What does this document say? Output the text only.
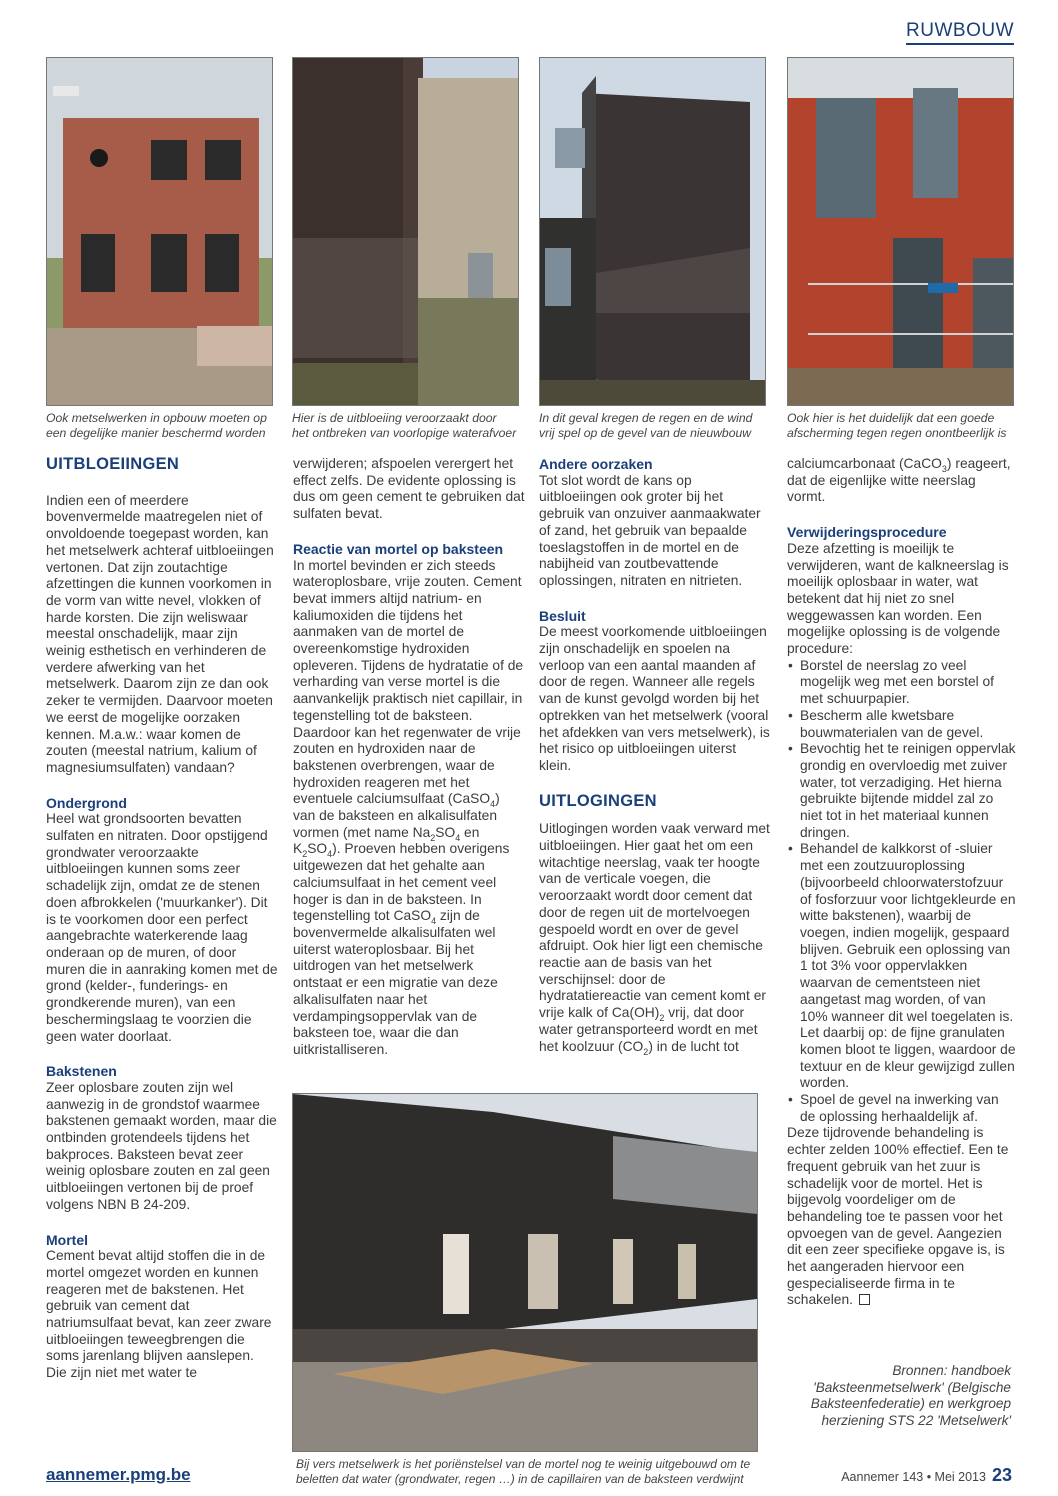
RUWBOUW
Ook metselwerken in opbouw moeten op
een degelijke manier beschermd worden
Hier is de uitbloeiing veroorzaakt door
het ontbreken van voorlopige waterafvoer
In dit geval kregen de regen en de wind
vrij spel op de gevel van de nieuwbouw
Ook hier is het duidelijk dat een goede
afscherming tegen regen onontbeerlijk is
UITBLOEIINGEN

Indien een of meerdere bovenvermelde maatregelen niet of onvoldoende toegepast worden, kan het metselwerk achteraf uitbloeiingen vertonen. Dat zijn zoutachtige afzettingen die kunnen voorkomen in de vorm van witte nevel, vlokken of harde korsten. Die zijn weliswaar meestal onschadelijk, maar zijn weinig esthetisch en verhinderen de verdere afwerking van het metselwerk. Daarom zijn ze dan ook zeker te vermijden. Daarvoor moeten we eerst de mogelijke oorzaken kennen. M.a.w.: waar komen de zouten (meestal natrium, kalium of magnesiumsulfaten) vandaan?

Ondergrond

Heel wat grondsoorten bevatten sulfaten en nitraten. Door opstijgend grondwater veroorzaakte uitbloeiingen kunnen soms zeer schadelijk zijn, omdat ze de stenen doen afbrokkelen ('muurkanker'). Dit is te voorkomen door een perfect aangebrachte waterkerende laag onderaan op de muren, of door muren die in aanraking komen met de grond (kelder-, funderings- en grondkerende muren), van een beschermingslaag te voorzien die geen water doorlaat.

Bakstenen

Zeer oplosbare zouten zijn wel aanwezig in de grondstof waarmee bakstenen gemaakt worden, maar die ontbinden grotendeels tijdens het bakproces. Baksteen bevat zeer weinig oplosbare zouten en zal geen uitbloeiingen vertonen bij de proef volgens NBN B 24-209.

Mortel

Cement bevat altijd stoffen die in de mortel omgezet worden en kunnen reageren met de bakstenen. Het gebruik van cement dat natriumsulfaat bevat, kan zeer zware uitbloeiingen teweegbrengen die soms jarenlang blijven aanslepen. Die zijn niet met water te

verwijderen; afspoelen verergert het effect zelfs. De evidente oplossing is dus om geen cement te gebruiken dat sulfaten bevat.

Reactie van mortel op baksteen

In mortel bevinden er zich steeds wateroplosbare, vrije zouten. Cement bevat immers altijd natrium- en kaliumoxiden die tijdens het aanmaken van de mortel de overeenkomstige hydroxiden opleveren. Tijdens de hydratatie of de verharding van verse mortel is die aanvankelijk praktisch niet capillair, in tegenstelling tot de baksteen. Daardoor kan het regenwater de vrije zouten en hydroxiden naar de bakstenen overbrengen, waar de hydroxiden reageren met het eventuele calciumsulfaat (CaSO$_4$) van de baksteen en alkalisulfaten vormen (met name $Na_2SO_4$ en $K_2SO_4$). Proeven hebben overigens uitgewezen dat het gehalte aan calciumsulfaat in het cement veel hoger is dan in de baksteen. In tegenstelling tot CaSO$_4$ zijn de bovenvermelde alkalisulfaten wel uiterst wateroplosbaar. Bij het uitdrogen van het metselwerk ontstaat er een migratie van deze alkalisulfaten naar het verdampingsoppervlak van de baksteen toe, waar die dan uitkristalliseren.

Andere oorzaken

Tot slot wordt de kans op uitbloeiingen ook groter bij het gebruik van onzuiver aanmaakwater of zand, het gebruik van bepaalde toeslagstoffen in de mortel en de nabijheid van zoutbevattende oplossingen, nitraten en nitrieten.

Besluit

De meest voorkomende uitbloeiingen zijn onschadelijk en spoelen na verloop van een aantal maanden af door de regen. Wanneer alle regels van de kunst gevolgd worden bij het optrekken van het metselwerk (vooral het afdekken van vers metselwerk), is het risico op uitbloeiingen uiterst klein.

UITLOGINGEN

Uitlogingen worden vaak verward met uitbloeiingen. Hier gaat het om een witachtige neerslag, vaak ter hoogte van de verticale voegen, die veroorzaakt wordt door cement dat door de regen uit de mortelvoegen gespoeld wordt en over de gevel afdruipt. Ook hier ligt een chemische reactie aan de basis van het verschijnsel: door de hydratatiereactie van cement komt er vrije kalk of $Ca(OH)_2$ vrij, dat door water getransporteerd wordt en met het koolzuur $(CO_2)$ in de lucht tot

calciumcarbonaat (CaCO$_3$) reageert, dat de eigenlijke witte neerslag vormt.

Verwijderingsprocedure

Deze afzetting is moeilijk te verwijderen, want de kalkneerslag is moeilijk oplosbaar in water, wat betekent dat hij niet zo snel weggewassen kan worden. Een mogelijke oplossing is de volgende procedure:

• Borstel de neerslag zo veel mogelijk weg met een borstel of met schuurpapier.
• Bescherm alle kwetsbare bouwmaterialen van de gevel.
• Bevochtig het te reinigen oppervlak grondig en overvloedig met zuiver water, tot verzadiging. Het hierna gebruikte bijtende middel zal zo niet tot in het materiaal kunnen dringen.
• Behandel de kalkkorst of -sluier met een zoutzuuroplossing (bijvoorbeeld chloorwaterstofzuur of fosforzuur voor lichtgekleurde en witte bakstenen), waarbij de voegen, indien mogelijk, gespaard blijven. Gebruik een oplossing van 1 tot 3% voor oppervlakken waarvan de cementsteen niet aangetast mag worden, of van 10% wanneer dit wel toegelaten is. Let daarbij op: de fijne granulaten komen bloot te liggen, waardoor de textuur en de kleur gewijzigd zullen worden.
• Spoel de gevel na inwerking van de oplossing herhaaldelijk af.

Deze tijdrovende behandeling is echter zelden 100% effectief. Een te frequent gebruik van het zuur is schadelijk voor de mortel. Het is bijgevolg voordeliger om de behandeling toe te passen voor het opvoegen van de gevel. Aangezien dit een zeer specifieke opgave is, is het aangeraden hiervoor een gespecialiseerde firma in te schakelen.

Bronnen: handboek 'Baksteenmetselwerk' (Belgische Baksteenfederatie) en werkgroep herziening STS 22 'Metselwerk'
Bij vers metselwerk is het poriënstelsel van de mortel nog te weinig uitgebouwd om te
beletten dat water (grondwater, regen …) in de capillairen van de baksteen verdwijnt
aannemer.pmg.be	Aannemer 143 • Mei 2013 23
